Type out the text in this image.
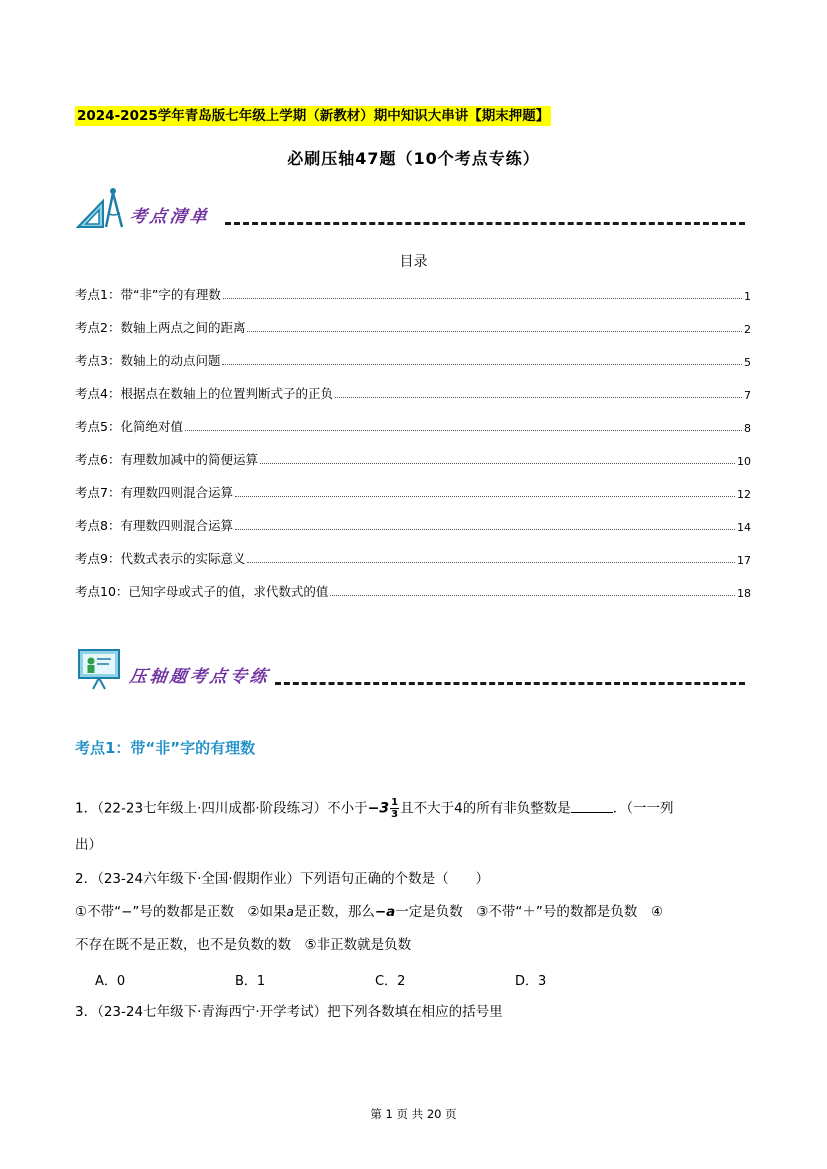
2024-2025学年青岛版七年级上学期（新教材）期中知识大串讲【期末押题】
必刷压轴47题（10个考点专练）
考点清单
目录
考点1：带“非”字的有理数	1
考点2：数轴上两点之间的距离	2
考点3：数轴上的动点问题	5
考点4：根据点在数轴上的位置判断式子的正负	7
考点5：化简绝对值	8
考点6：有理数加减中的简便运算	10
考点7：有理数四则混合运算	12
考点8：有理数四则混合运算	14
考点9：代数式表示的实际意义	17
考点10：已知字母或式子的值，求代数式的值	18
压轴题考点专练
考点1：带“非”字的有理数
1．（22-23七年级上·四川成都·阶段练习）不小于$-3 \frac{1}{3}$ 且不大于4的所有非负整数是	．（一一列
出）
2．（23-24六年级下·全国·假期作业）下列语句正确的个数是（　　）
①不带“−”号的数都是正数　②如果a是正数，那么−a一定是负数　③不带“＋”号的数都是负数　④
不存在既不是正数，也不是负数的数　⑤非正数就是负数
A．0	B．1	C．2	D．3
3．（23-24七年级下·青海西宁·开学考试）把下列各数填在相应的括号里
第 1 页 共 20 页
